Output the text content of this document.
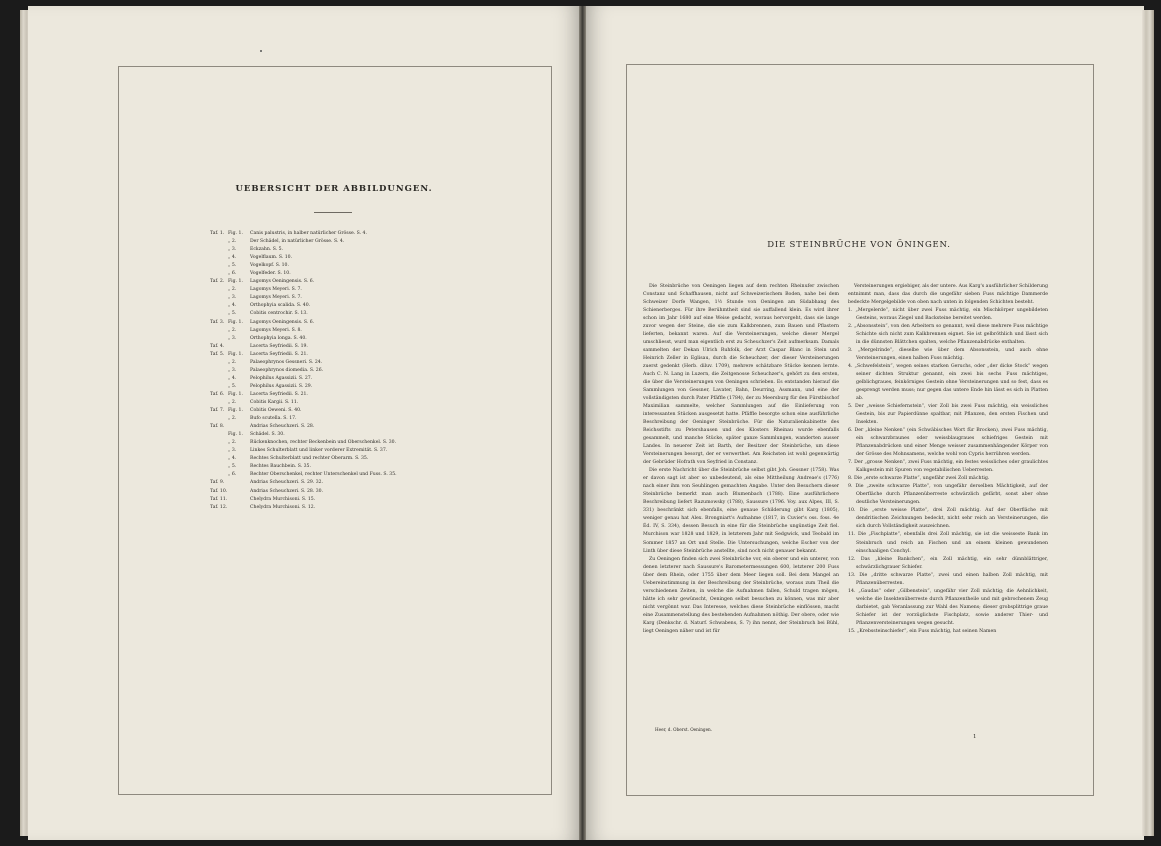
UEBERSICHT DER ABBILDUNGEN.
Taf. 1. Fig. 1.	Canis palustris, in halber natürlicher Grösse. S. 4.
„ 2.	Der Schädel, in natürlicher Grösse. S. 4.
„ 3.	Eckzahn. S. 5.
„ 4.	Vogelflaum. S. 10.
„ 5.	Vogelkopf. S. 10.
„ 6.	Vogelfeder. S. 10.
Taf. 2. Fig. 1.	Lagomys Oeningensis. S. 6.
„ 2.	Lagomys Meyeri. S. 7.
„ 3.	Lagomys Meyeri. S. 7.
„ 4.	Orthophyia scalida. S. 40.
„ 5.	Cobitis centrochir. S. 13.
Taf. 3. Fig. 1.	Lagomys Oeningensis. S. 6.
„ 2.	Lagomys Meyeri. S. 8.
„ 3.	Orthophyia longa. S. 40.
Taf. 4.	Lacerta Seyfriedii. S. 19.
Taf. 5. Fig. 1.	Lacerta Seyfriedii. S. 21.
„ 2.	Palaeophrynos Gessneri. S. 24.
„ 3.	Palaeophrynos diomedia. S. 26.
„ 4.	Pelophilus Agassizii. S. 27.
„ 5.	Pelophilus Agassizii. S. 29.
Taf. 6. Fig. 1.	Lacerta Seyfriedii. S. 21.
„ 2.	Cobitis Kargii. S. 11.
Taf. 7. Fig. 1.	Cobitis Oeweni. S. 40.
„ 2.	Bufo scutella. S. 17.
Taf. 8.	Andrias Scheuchzeri. S. 28.
Fig. 1.	Schädel. S. 30.
„ 2.	Rückenknochen, rechter Beckenbein und Oberschenkel. S. 30.
„ 3.	Linkes Schulterblatt und linker vorderer Extremität. S. 37.
„ 4.	Rechtes Schulterblatt und rechter Oberarm. S. 35.
„ 5.	Rechtes Bauchbein. S. 35.
„ 6.	Rechter Oberschenkel, rechter Unterschenkel und Fuss. S. 35.
Taf. 9.	Andrias Scheuchzeri. S. 29. 32.
Taf. 10.	Andrias Scheuchzeri. S. 28. 30.
Taf. 11.	Chelydra Murchisoni. S. 15.
Taf. 12.	Chelydra Murchisoni. S. 12.
DIE STEINBRÜCHE VON ÖNINGEN.

Die Steinbrüche von Oeningen liegen auf dem rechten Rheinufer zwischen Constanz und Schaffhausen, nicht auf Schweizerischem Boden, nahe bei dem Schweizer Dorfe Wangen, 1½ Stunde von Oeningen am Südabhang des Schienerberges. Für ihre Berühmtheit sind sie auffallend klein. Es wird ihrer schon im Jahr 1680 auf eine Weise gedacht, woraus hervorgeht, dass sie lange zuvor wegen der Steine, die sie zum Kalkbrennen, zum Bauen und Pflastern lieferten, bekannt waren. Auf die Versteinerungen, welche dieser Mergel umschliesst, wurd man eigentlich erst zu Scheuchzer's Zeit aufmerksam. Damals sammelten der Dekan Ulrich Ruhfolk, der Arzt Caspar Blanc in Stein und Heinrich Zeller in Eglisau, durch die Scheuchzer, der dieser Versteinerungen zuerst gedenkt (Herb. diluv. 1709), mehrere schätzbare Stücke kennen lernte. Auch C. N. Lang in Luzern, die Zeitgenosse Scheuchzer's, gehört zu den ersten, die über die Versteinerungen von Oeningen schrieben. Es entstanden hierauf die Sammlungen von Gessner, Lavater, Bahn, Deurring, Assmann, und eine der vollständigsten durch Pater Pfäffle (1784), der zu Meersburg für den Fürstbischof Maximilian sammelte, welcher Sammlungen auf die Einlieferung von interessanten Stücken ausgesetzt hatte. Pfäffle besorgte schon eine ausführliche Beschreibung der Oeninger Steinbrüche. Für die Naturalienkabinette des Reichsstifts zu Petershausen und des Klosters Rheinau wurde ebenfalls gesammelt, und manche Stücke, später ganze Sammlungen, wanderten ausser Landes. In neuerer Zeit ist Barth, der Besitzer der Steinbrüche, um diese Versteinerungen besorgt, der er verwerthet. Am Reichsten ist wohl gegenwärtig der Gebrüder Hofrath von Seyfried in Constanz.

Die erste Nachricht über die Steinbrüche selbst gibt Joh. Gessner (1758). Was er davon sagt ist aber so unbedeutend, als eine Mittheilung Andreae's (1776) nach einer ihm von Seuhlingen gemachten Angabe. Unter den Besuchern dieser Steinbrüche bemerkt man auch Blumenbach (1788). Eine ausführlichere Beschreibung liefert Razumowsky (1788), Saussure (1796. Voy. aux Alpes, III, S. 331) beschränkt sich ebenfalls, eine genaue Schilderung gibt Karg (1805), weniger genau hat Alex. Brongniart's Aufnahme (1817, in Cuvier's oss. foss. 4e Éd. IV, S. 334), dessen Besuch in eine für die Steinbrüche ungünstige Zeit fiel. Murchison war 1828 und 1829, in letzterem Jahr mit Sedgwick, und Teobald im Sommer 1857 an Ort und Stelle. Die Untersuchungen, welche Escher von der Linth über diese Steinbrüche anstellte, sind noch nicht genauer bekannt.

Zu Oeningen finden sich zwei Steinbrüche vor, ein oberer und ein unterer, von denen letzterer nach Saussure's Barometermessungen 600, letzterer 200 Fuss über dem Rhein, oder 1755 über dem Meer liegen soll. Bei dem Mangel an Uebereinstimmung in der Beschreibung der Steinbrüche, woraus zum Theil die verschiedenen Zeiten, in welche die Aufnahmen fallen, Schuld tragen mögen, hätte ich sehr gewünscht, Oeningen selbst besuchen zu können, was mir aber nicht vergönnt war. Das Interesse, welches diese Steinbrüche einflössen, macht eine Zusammenstellung des bestehenden Aufnahmen nöthig. Der obere, oder wie Karg (Denkschr. d. Naturf. Schwabens, S. 7) ihn nennt, der Steinbruch bei Bühl, liegt Oeningen näher und ist für

Versteinerungen ergiebiger, als der untere. Aus Karg's ausführlicher Schilderung entnimmt man, dass das durch die ungefähr sieben Fuss mächtige Dammerde bedeckte Mergelgebilde von oben nach unten in folgenden Schichten besteht.

1. „Mergelerde“, nicht über zwei Fuss mächtig, ein Mischkörper ungebildeten Gesteins, woraus Ziegel und Backsteine bereitet werden.

2. „Absonsstein“, von den Arbeitern so genannt, weil diese mehrere Fuss mächtige Schichte sich nicht zum Kalkbrennen eignet. Sie ist gelbröthlich und lässt sich in die dünnsten Blättchen spalten, welche Pflanzenabdrücke enthalten.

3. „Mergelrinde“, dieselbe wie über dem Absonsstein, und auch ohne Versteinerungen, einen halben Fuss mächtig.

4. „Schwefelstein“, wegen seines starken Geruchs, oder „der dicke Stock“ wegen seiner dichten Struktur genannt, ein zwei bis sechs Fuss mächtiges, gelblichgraues, feinkörniges Gestein ohne Versteinerungen und so fest, dass es gesprengt werden muss; nur gegen das untere Ende hin lässt es sich in Platten ab.

5. Der „weisse Schiefernstein“, vier Zoll bis zwei Fuss mächtig, ein weissliches Gestein, bis zur Papierdünne spaltbar, mit Pflanzen, den ersten Fischen und Insekten.

6. Der „kleine Nenken“ (ein Schwäbisches Wort für Brocken), zwei Fuss mächtig, ein schwarzbraunes oder weissblaugraues schiefriges Gestein mit Pflanzenabdrücken und einer Menge weisser zusammenhängender Körper von der Grösse des Mohnsamens, welche wohl von Cypris herrühren werden.

7. Der „grosse Nenken“, zwei Fuss mächtig, ein festes weissliches oder graulichtes Kalkgestein mit Spuren von vegetabilischen Ueberresten.

8. Die „erste schwarze Platte“, ungefähr zwei Zoll mächtig.

9. Die „zweite schwarze Platte“, von ungefähr derselben Mächtigkeit, auf der Oberfläche durch Pflanzenüberreste schwärzlich gefärbt, sonst aber ohne deutliche Versteinerungen.

10. Die „erste weisse Platte“, drei Zoll mächtig. Auf der Oberfläche mit dendritischen Zeichnungen bedeckt, nicht sehr reich an Versteinerungen, die sich durch Vollständigkeit auszeichnen.

11. Die „Fischplatte“, ebenfalls drei Zoll mächtig, sie ist die weisseste Bank im Steinbruch und reich an Fischen und an einem kleinen gewundenen einschaaligen Conchyl.

12. Das „kleine Bankchen“, ein Zoll mächtig, ein sehr dünnblättriger, schwärzlichgrauer Schiefer.

13. Die „dritte schwarze Platte“, zwei und einen halben Zoll mächtig, mit Pflanzenüberresten.

14. „Gaudas“ oder „Gilbenstein“, ungefähr vier Zoll mächtig; die Aehnlichkeit, welche die Insektenüberreste durch Pflanzentheile und mit gebrochenem Zeug darbietet, gab Veranlassung zur Wahl des Namens; dieser grobsplittrige graue Schiefer ist der vorzüglichste Fischplatz, sowie anderer Thier- und Pflanzenversteinerungen wegen gesucht.

15. „Krebssteinschiefer“, ein Fuss mächtig, hat seinen Namen

Heer, d. Oberst. Oeningen.
1
